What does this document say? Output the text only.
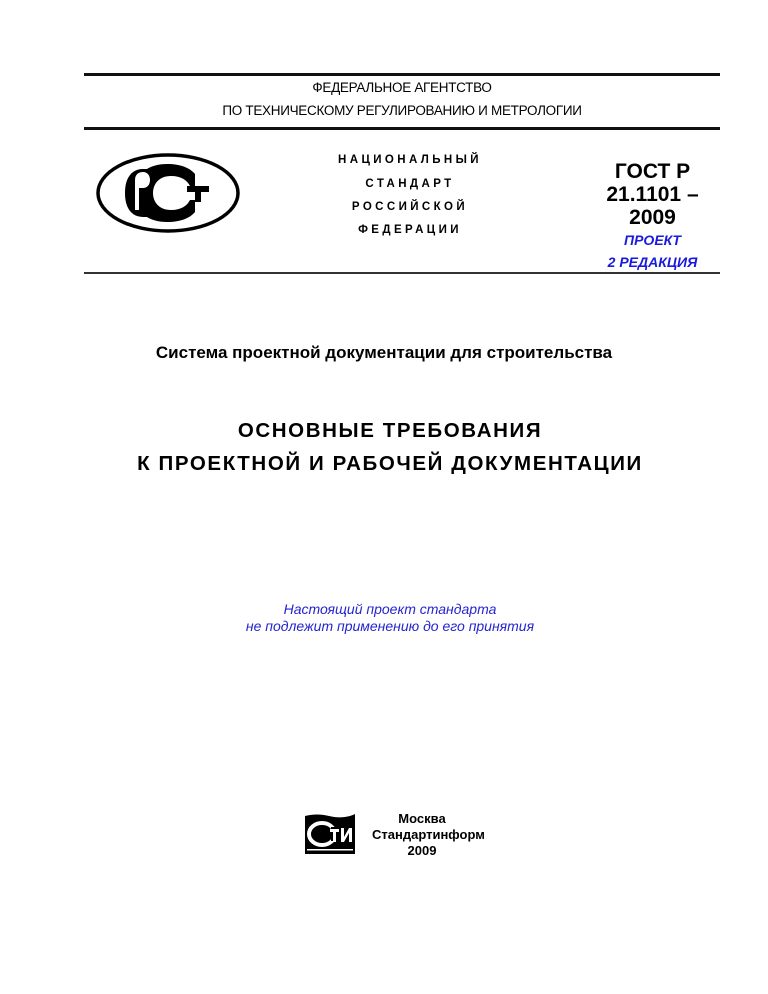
ФЕДЕРАЛЬНОЕ АГЕНТСТВО
ПО ТЕХНИЧЕСКОМУ РЕГУЛИРОВАНИЮ И МЕТРОЛОГИИ
НАЦИОНАЛЬНЫЙ
СТАНДАРТ
РОССИЙСКОЙ
ФЕДЕРАЦИИ
ГОСТ Р
21.1101 –
2009
ПРОЕКТ
2 РЕДАКЦИЯ
Система проектной документации для строительства
ОСНОВНЫЕ ТРЕБОВАНИЯ
К ПРОЕКТНОЙ И РАБОЧЕЙ ДОКУМЕНТАЦИИ
Настоящий проект стандарта
не подлежит применению до его принятия
Москва
Стандартинформ
2009
